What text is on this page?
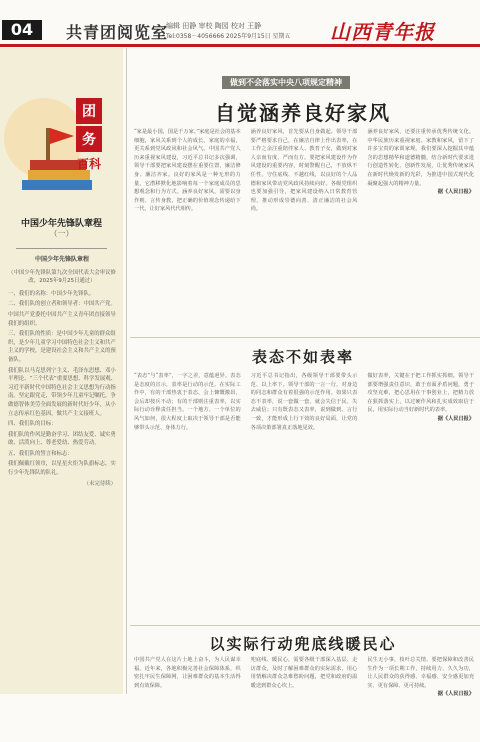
04	共青团阅览室
编辑 田静 审校 陶园 校对 王静
Tel:0358－4056666 2025年9月15日 星期五 山西青年报
团
务
百科
中国少年先锋队章程
（一）

中国少年先锋队章程

（中国少年先锋队第九次全国代表大会审议修改，2025年9月25日通过）

一、我们的名称：中国少年先锋队。

二、我们队的创立者和领导者：中国共产党。

中国共产党委托中国共产主义青年团直接领导我们的组织。

三、我们队的性质：是中国少年儿童的群众组织，是少年儿童学习中国特色社会主义和共产主义的学校，是建设社会主义和共产主义的预备队。

我们队以马克思列宁主义、毛泽东思想、邓小平理论、“三个代表”重要思想、科学发展观、习近平新时代中国特色社会主义思想为行动指南。坚定跟党走，带领少年儿童牢记嘱托，争做德智体美劳全面发展的新时代好少年，从小立志传承红色基因，做共产主义接班人。

四、我们队的目标：

我们队的作风是勤奋学习、团结友爱、诚实勇敢、活泼向上、尊老爱幼、热爱劳动。

五、我们队的誓言和标志：

我们佩戴红领巾，以星星火炬为队旗标志，实行少年先锋队的队礼。

（未完待续）

做到不会落实中央八项规定精神
自觉涵养良好家风

“家是最小国，国是千万家。”家庭是社会的基本细胞，家风关系到个人的成长、家庭的幸福，更关系到党风政风和社会风气。中国共产党人历来重视家风建设，习近平总书记多次强调，领导干部要把家风建设摆在重要位置，廉洁修身、廉洁齐家。良好的家风是一种无形的力量，它潜移默化地影响着每一个家庭成员的思想观念和行为方式。涵养良好家风，需要以身作则、言传身教，把正确的价值观念传递给下一代，让好家风代代相传。

涵养良好家风，首先要从自身做起。领导干部要严格要求自己，在廉洁自律上作出表率，在工作之余注重陪伴家人、教育子女，做到对家人亲而有度、严而有方。要把家风建设作为作风建设的重要内容，时刻警醒自己，不放纵不任性，守住底线、不越红线，以良好的个人品德和家风带动党风政风持续向好。各级党组织也要加强引导，把家风建设纳入日常教育管理，推动形成崇德向善、清正廉洁的社会风尚。

涵养良好家风，还要注重传承优秀传统文化。中华民族历来重视家庭、家教和家风，留下了许多宝贵的家训家规。我们要深入挖掘其中蕴含的思想精华和道德精髓，结合新时代要求进行创造性转化、创新性发展，让优秀传统家风在新时代焕发新的光彩，为推进中国式现代化凝聚起强大的精神力量。

据《人民日报》

表态不如表率

“表态”与“表率”，一字之差，意蕴迥异。表态是态度的宣示，表率是行动的示范。在实际工作中，有的干部热衷于表态，会上慷慨激昂，会后却按兵不动；有的干部则注重表率，以实际行动诠释责任担当。一个地方、一个单位的风气如何，很大程度上取决于领导干部是否能够带头示范、身体力行。

习近平总书记指出，各级领导干部要带头示范、以上率下。领导干部的一言一行，对身边的同志和群众有着很强的示范作用。如果只表态不表率，说一套做一套，就会失信于民、失去威信；只有既表态又表率，说到做到、言行一致，才能形成上行下效的良好局面，让党的各项决策部署真正落地见效。

做好表率，关键在于把工作抓实抓细。领导干部要增强责任意识，敢于直面矛盾问题，勇于攻坚克难，把心思用在干事创业上，把精力放在狠抓落实上，以过硬作风和扎实成效取信于民，用实际行动当好新时代的表率。

据《人民日报》

以实际行动兜底线暖民心

中国共产党人在这片土地上奋斗，为人民谋幸福。近年来，各地积极完善社会保障体系，织密扎牢民生保障网，让困难群众的基本生活得到有效保障。

兜底线、暖民心，需要各级干部深入基层、走访群众，及时了解困难群众的实际需求，用心用情解决群众急难愁盼问题，把党和政府的温暖送到群众心坎上。

民生无小事，枝叶总关情。要把保障和改善民生作为一项长期工作，持续用力、久久为功，让人民群众的获得感、幸福感、安全感更加充实、更有保障、更可持续。

据《人民日报》
